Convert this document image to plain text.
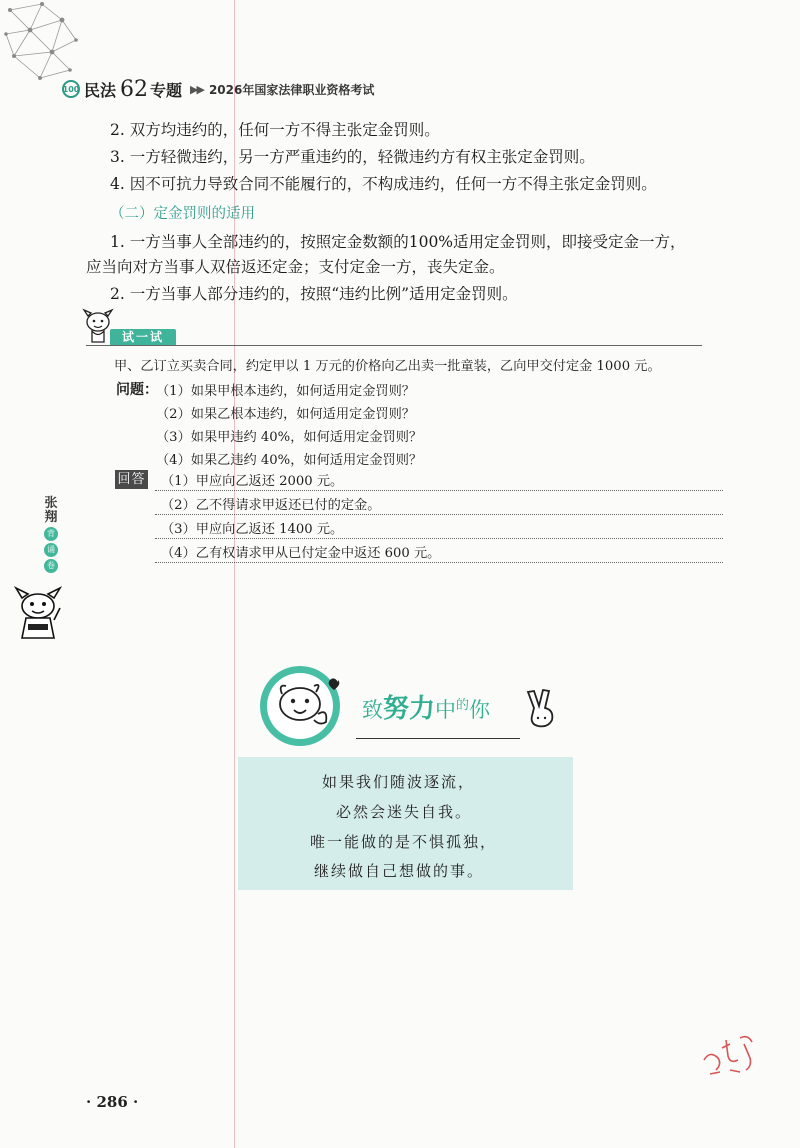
100 民法 62 专题 ▶▶ 2026年国家法律职业资格考试
2. 双方均违约的，任何一方不得主张定金罚则。
3. 一方轻微违约，另一方严重违约的，轻微违约方有权主张定金罚则。
4. 因不可抗力导致合同不能履行的，不构成违约，任何一方不得主张定金罚则。
（二）定金罚则的适用
1. 一方当事人全部违约的，按照定金数额的100%适用定金罚则，即接受定金一方，
应当向对方当事人双倍返还定金；支付定金一方，丧失定金。
2. 一方当事人部分违约的，按照“违约比例”适用定金罚则。
试一试
甲、乙订立买卖合同，约定甲以 1 万元的价格向乙出卖一批童装，乙向甲交付定金 1000 元。
问题：
（1）如果甲根本违约，如何适用定金罚则？
（2）如果乙根本违约，如何适用定金罚则？
（3）如果甲违约 40%，如何适用定金罚则？
（4）如果乙违约 40%，如何适用定金罚则？
回答 （1）甲应向乙返还 2000 元。
（2）乙不得请求甲返还已付的定金。
（3）甲应向乙返还 1400 元。
（4）乙有权请求甲从已付定金中返还 600 元。
张
翔
背
诵
卷
致努力中$^的$你
如果我们随波逐流，
必然会迷失自我。
唯一能做的是不惧孤独，
继续做自己想做的事。
· 286 ·
